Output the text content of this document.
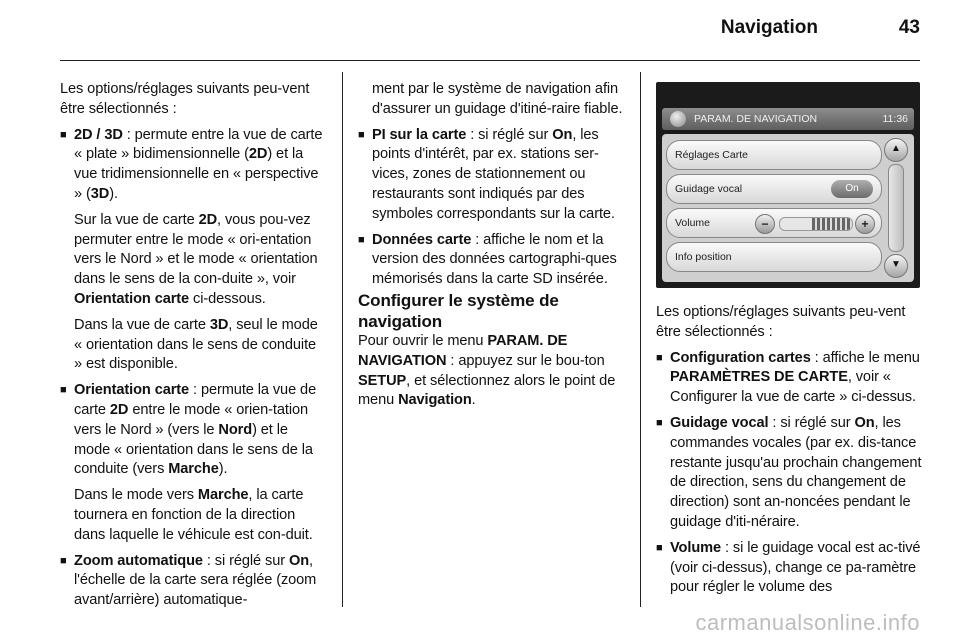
Navigation	43

Les options/réglages suivants peu-vent être sélectionnés :

■ 2D / 3D : permute entre la vue de carte « plate » bidimensionnelle (2D) et la vue tridimensionnelle en « perspective » (3D).

Sur la vue de carte 2D, vous pou-vez permuter entre le mode « ori-entation vers le Nord » et le mode « orientation dans le sens de la con-duite », voir Orientation carte ci-dessous.

Dans la vue de carte 3D, seul le mode « orientation dans le sens de conduite » est disponible.

■ Orientation carte : permute la vue de carte 2D entre le mode « orien-tation vers le Nord » (vers le Nord) et le mode « orientation dans le sens de la conduite (vers Marche).

Dans le mode vers Marche, la carte tournera en fonction de la direction dans laquelle le véhicule est con-duit.

■ Zoom automatique : si réglé sur On, l'échelle de la carte sera réglée (zoom avant/arrière) automatique-

ment par le système de navigation afin d'assurer un guidage d'itiné-raire fiable.

■ PI sur la carte : si réglé sur On, les points d'intérêt, par ex. stations ser-vices, zones de stationnement ou restaurants sont indiqués par des symboles correspondants sur la carte.
■ Données carte : affiche le nom et la version des données cartographi-ques mémorisés dans la carte SD insérée.

Configurer le système de navigation

Pour ouvrir le menu PARAM. DE NAVIGATION : appuyez sur le bou-ton SETUP, et sélectionnez alors le point de menu Navigation.

PARAM. DE NAVIGATION	11:36
Réglages Carte
Guidage vocal	On
Volume	−	+
Info position
▲
▼

Les options/réglages suivants peu-vent être sélectionnés :

■ Configuration cartes : affiche le menu PARAMÈTRES DE CARTE, voir « Configurer la vue de carte » ci-dessus.
■ Guidage vocal : si réglé sur On, les commandes vocales (par ex. dis-tance restante jusqu'au prochain changement de direction, sens du changement de direction) sont an-noncées pendant le guidage d'iti-néraire.
■ Volume : si le guidage vocal est ac-tivé (voir ci-dessus), change ce pa-ramètre pour régler le volume des
carmanualsonline.info
